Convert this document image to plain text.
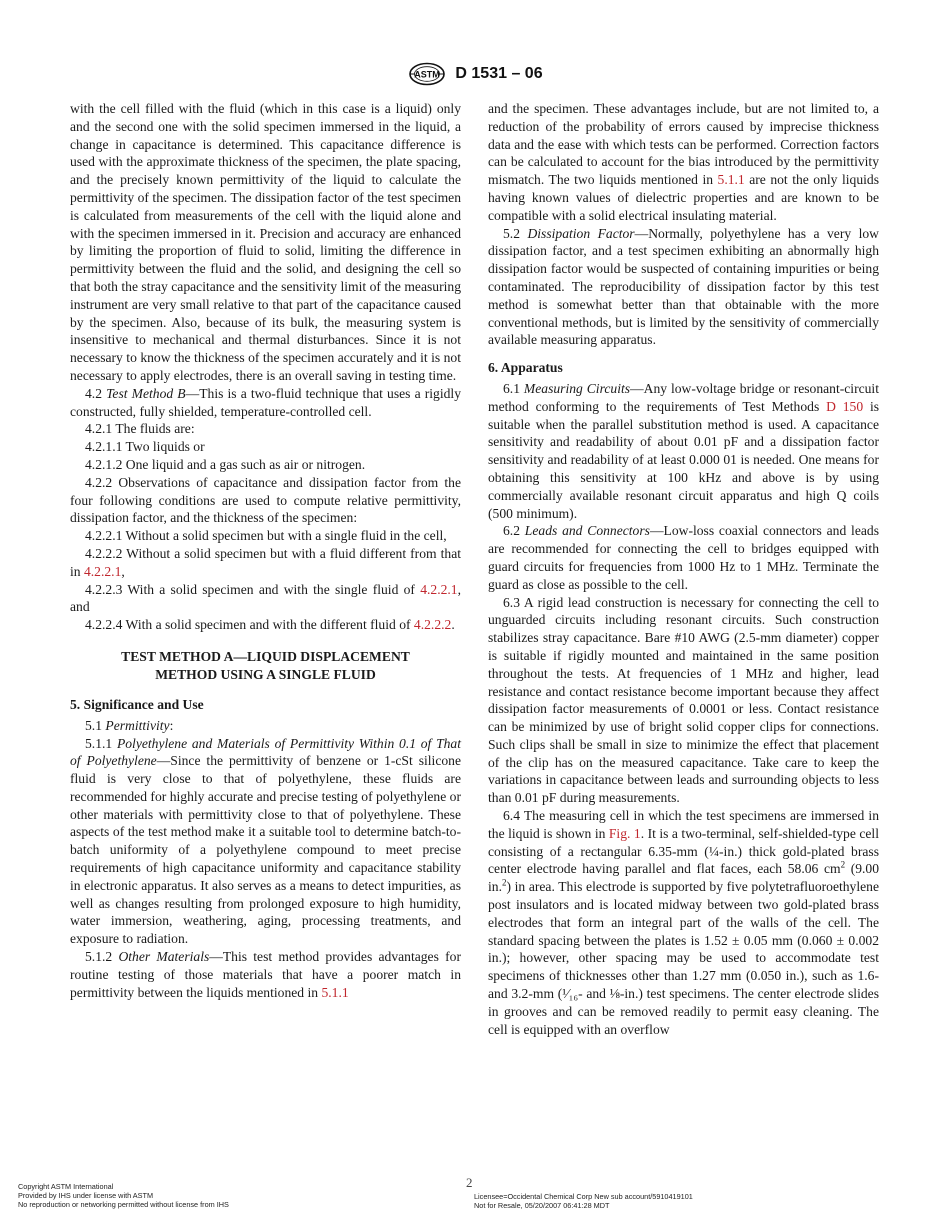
ASTM D 1531 – 06

with the cell filled with the fluid (which in this case is a liquid) only and the second one with the solid specimen immersed in the liquid, a change in capacitance is determined. This capacitance difference is used with the approximate thickness of the specimen, the plate spacing, and the precisely known permittivity of the liquid to calculate the permittivity of the specimen. The dissipation factor of the test specimen is calculated from measurements of the cell with the liquid alone and with the specimen immersed in it. Precision and accuracy are enhanced by limiting the proportion of fluid to solid, limiting the difference in permittivity between the fluid and the solid, and designing the cell so that both the stray capacitance and the sensitivity limit of the measuring instrument are very small relative to that part of the capacitance caused by the specimen. Also, because of its bulk, the measuring system is insensitive to mechanical and thermal disturbances. Since it is not necessary to know the thickness of the specimen accurately and it is not necessary to apply electrodes, there is an overall saving in testing time.

4.2 Test Method B—This is a two-fluid technique that uses a rigidly constructed, fully shielded, temperature-controlled cell.

4.2.1 The fluids are:

4.2.1.1 Two liquids or

4.2.1.2 One liquid and a gas such as air or nitrogen.

4.2.2 Observations of capacitance and dissipation factor from the four following conditions are used to compute relative permittivity, dissipation factor, and the thickness of the specimen:

4.2.2.1 Without a solid specimen but with a single fluid in the cell,

4.2.2.2 Without a solid specimen but with a fluid different from that in 4.2.2.1,

4.2.2.3 With a solid specimen and with the single fluid of 4.2.2.1, and

4.2.2.4 With a solid specimen and with the different fluid of 4.2.2.2.

TEST METHOD A—LIQUID DISPLACEMENT
METHOD USING A SINGLE FLUID

5. Significance and Use

5.1 Permittivity:

5.1.1 Polyethylene and Materials of Permittivity Within 0.1 of That of Polyethylene—Since the permittivity of benzene or 1-cSt silicone fluid is very close to that of polyethylene, these fluids are recommended for highly accurate and precise testing of polyethylene or other materials with permittivity close to that of polyethylene. These aspects of the test method make it a suitable tool to determine batch-to-batch uniformity of a polyethylene compound to meet precise requirements of high capacitance uniformity and capacitance stability in electronic apparatus. It also serves as a means to detect impurities, as well as changes resulting from prolonged exposure to high humidity, water immersion, weathering, aging, processing treatments, and exposure to radiation.

5.1.2 Other Materials—This test method provides advantages for routine testing of those materials that have a poorer match in permittivity between the liquids mentioned in 5.1.1

and the specimen. These advantages include, but are not limited to, a reduction of the probability of errors caused by imprecise thickness data and the ease with which tests can be performed. Correction factors can be calculated to account for the bias introduced by the permittivity mismatch. The two liquids mentioned in 5.1.1 are not the only liquids having known values of dielectric properties and are known to be compatible with a solid electrical insulating material.

5.2 Dissipation Factor—Normally, polyethylene has a very low dissipation factor, and a test specimen exhibiting an abnormally high dissipation factor would be suspected of containing impurities or being contaminated. The reproducibility of dissipation factor by this test method is somewhat better than that obtainable with the more conventional methods, but is limited by the sensitivity of commercially available measuring apparatus.

6. Apparatus

6.1 Measuring Circuits—Any low-voltage bridge or resonant-circuit method conforming to the requirements of Test Methods D 150 is suitable when the parallel substitution method is used. A capacitance sensitivity and readability of about 0.01 pF and a dissipation factor sensitivity and readability of at least 0.000 01 is needed. One means for obtaining this sensitivity at 100 kHz and above is by using commercially available resonant circuit apparatus and high Q coils (500 minimum).

6.2 Leads and Connectors—Low-loss coaxial connectors and leads are recommended for connecting the cell to bridges equipped with guard circuits for frequencies from 1000 Hz to 1 MHz. Terminate the guard as close as possible to the cell.

6.3 A rigid lead construction is necessary for connecting the cell to unguarded circuits including resonant circuits. Such construction stabilizes stray capacitance. Bare #10 AWG (2.5-mm diameter) copper is suitable if rigidly mounted and maintained in the same position throughout the tests. At frequencies of 1 MHz and higher, lead resistance and contact resistance become important because they affect dissipation factor measurements of 0.0001 or less. Contact resistance can be minimized by use of bright solid copper clips for connections. Such clips shall be small in size to minimize the effect that placement of the clip has on the measured capacitance. Take care to keep the variations in capacitance between leads and surrounding objects to less than 0.01 pF during measurements.

6.4 The measuring cell in which the test specimens are immersed in the liquid is shown in Fig. 1. It is a two-terminal, self-shielded-type cell consisting of a rectangular 6.35-mm (¼-in.) thick gold-plated brass center electrode having parallel and flat faces, each 58.06 $cm^2$ (9.00 in.$^2$) in area. This electrode is supported by five polytetrafluoroethylene post insulators and is located midway between two gold-plated brass electrodes that form an integral part of the walls of the cell. The standard spacing between the plates is 1.52 ± 0.05 mm (0.060 ± 0.002 in.); however, other spacing may be used to accommodate test specimens of thicknesses other than 1.27 mm (0.050 in.), such as 1.6- and 3.2-mm (¹⁄₁₆- and ⅛-in.) test specimens. The center electrode slides in grooves and can be removed readily to permit easy cleaning. The cell is equipped with an overflow

2
Copyright ASTM International
Provided by IHS under license with ASTM
No reproduction or networking permitted without license from IHS
Licensee=Occidental Chemical Corp New sub account/5910419101
Not for Resale, 05/20/2007 06:41:28 MDT
